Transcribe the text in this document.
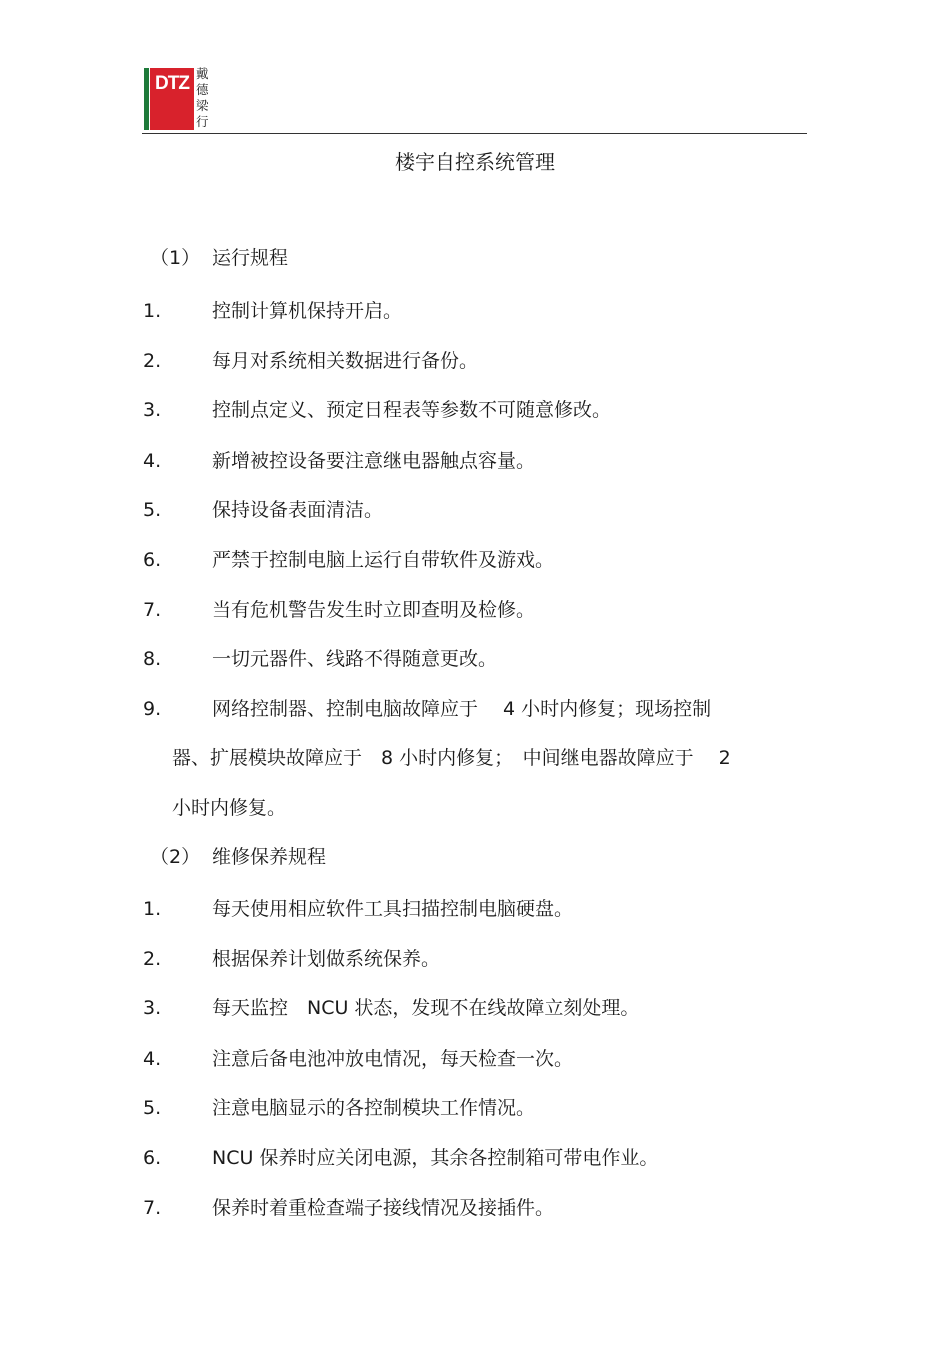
DTZ 戴
德
梁
行
楼宇自控系统管理
（1） 运行规程
1.	控制计算机保持开启。
2.	每月对系统相关数据进行备份。
3.	控制点定义、预定日程表等参数不可随意修改。
4.	新增被控设备要注意继电器触点容量。
5.	保持设备表面清洁。
6.	严禁于控制电脑上运行自带软件及游戏。
7.	当有危机警告发生时立即查明及检修。
8.	一切元器件、线路不得随意更改。
9.	网络控制器、控制电脑故障应于　 4 小时内修复；现场控制
器、扩展模块故障应于　8 小时内修复；　中间继电器故障应于　 2
小时内修复。
（2） 维修保养规程
1.	每天使用相应软件工具扫描控制电脑硬盘。
2.	根据保养计划做系统保养。
3.	每天监控　NCU 状态，发现不在线故障立刻处理。
4.	注意后备电池冲放电情况，每天检查一次。
5.	注意电脑显示的各控制模块工作情况。
6.	NCU 保养时应关闭电源，其余各控制箱可带电作业。
7.	保养时着重检查端子接线情况及接插件。
